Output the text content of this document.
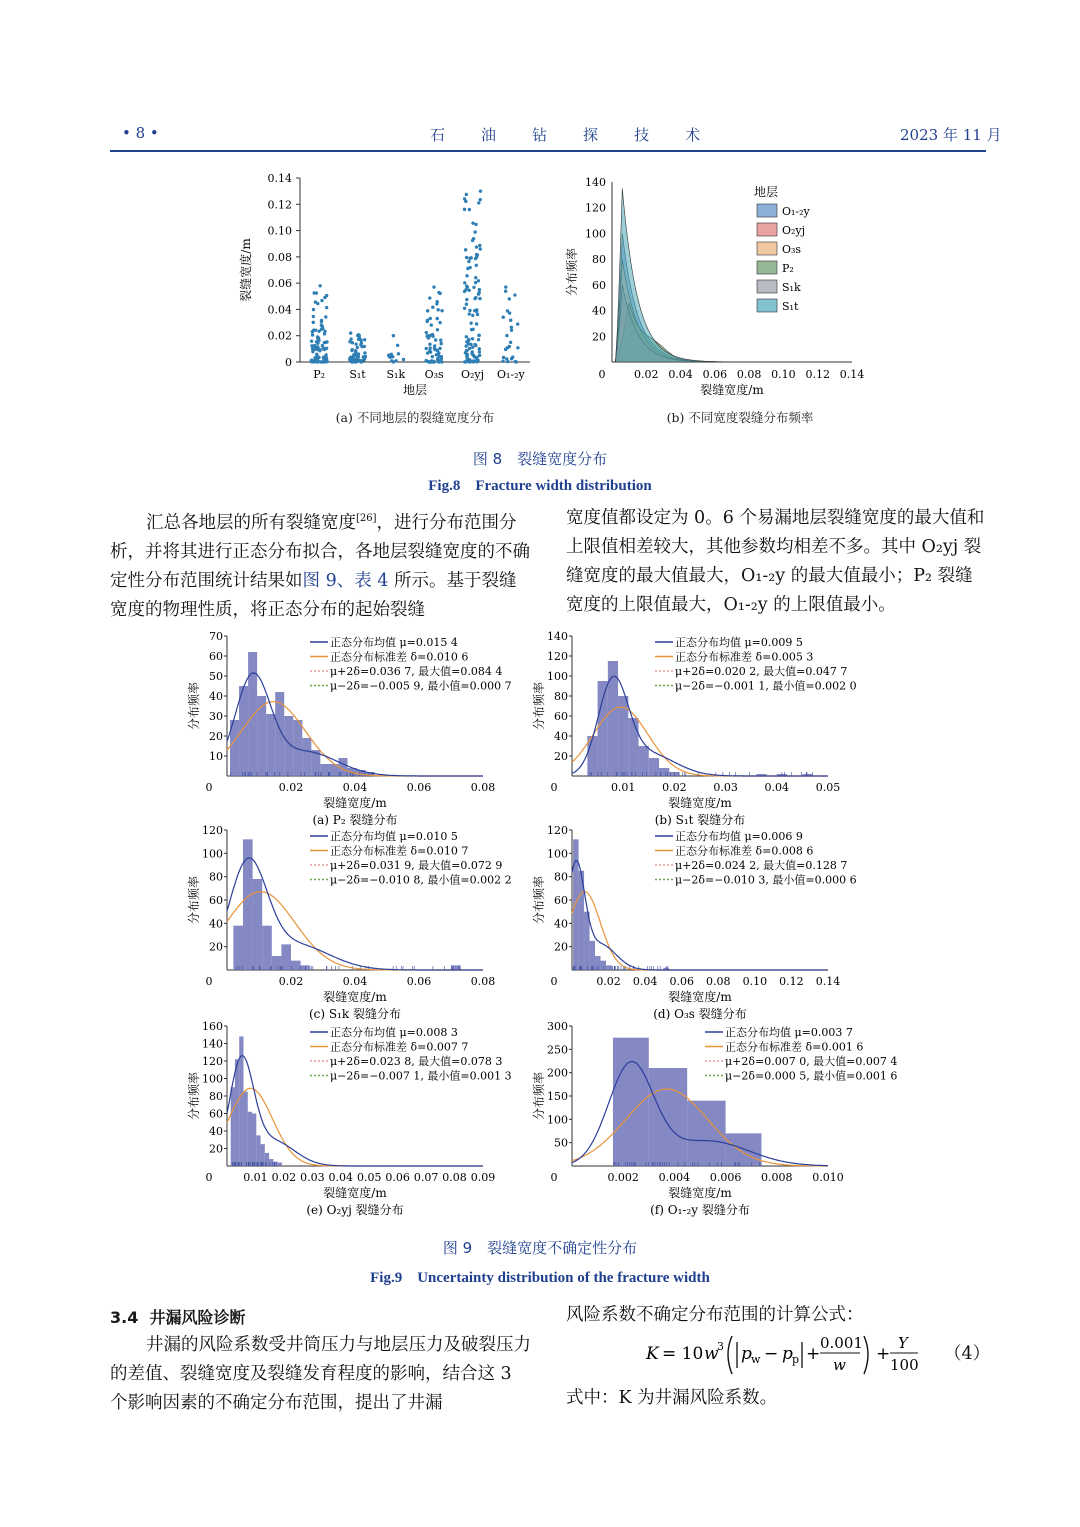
• 8 •	石 油 钻 探 技 术	2023 年 11 月
0
0.02
0.04
0.06
0.08
0.10
0.12
0.14
P₂ S₁t S₁k O₃s O₂yj O₁-₂y
地层
裂缝宽度/m
20
40
60
80
100
120
140
0	0.02 0.04 0.06 0.08 0.10 0.12 0.14
裂缝宽度/m
分布频率
地层
O₁-₂y
O₂yj
O₃s
P₂
S₁k
S₁t
(a) 不同地层的裂缝宽度分布	(b) 不同宽度裂缝分布频率
图 8　裂缝宽度分布
Fig.8　Fracture width distribution
汇总各地层的所有裂缝宽度[26]，进行分布范围分析，并将其进行正态分布拟合，各地层裂缝宽度的不确定性分布范围统计结果如图 9、表 4 所示。基于裂缝宽度的物理性质，将正态分布的起始裂缝
宽度值都设定为 0。6 个易漏地层裂缝宽度的最大值和上限值相差较大，其他参数均相差不多。其中 O₂yj 裂缝宽度的最大值最大，O₁-₂y 的最大值最小；P₂ 裂缝宽度的上限值最大，O₁-₂y 的上限值最小。
10
20
30
40
50
60
70
0	0.02	0.04	0.06	0.08
正态分布均值 μ=0.015 4
正态分布标准差 δ=0.010 6
μ+2δ=0.036 7, 最大值=0.084 4
μ−2δ=−0.005 9, 最小值=0.000 7
裂缝宽度/m
分布频率
(a) P₂ 裂缝分布
20
40
60
80
100
120
140
0	0.01 0.02 0.03 0.04 0.05
正态分布均值 μ=0.009 5
正态分布标准差 δ=0.005 3
μ+2δ=0.020 2, 最大值=0.047 7
μ−2δ=−0.001 1, 最小值=0.002 0
裂缝宽度/m
分布频率
(b) S₁t 裂缝分布
20
40
60
80
100
120
0	0.02	0.04	0.06	0.08
正态分布均值 μ=0.010 5
正态分布标准差 δ=0.010 7
μ+2δ=0.031 9, 最大值=0.072 9
μ−2δ=−0.010 8, 最小值=0.002 2
裂缝宽度/m
分布频率
(c) S₁k 裂缝分布
20
40
60
80
100
120
0	0.02 0.04 0.06 0.08 0.10 0.12 0.14
正态分布均值 μ=0.006 9
正态分布标准差 δ=0.008 6
μ+2δ=0.024 2, 最大值=0.128 7
μ−2δ=−0.010 3, 最小值=0.000 6
裂缝宽度/m
分布频率
(d) O₃s 裂缝分布
20
40
60
80
100
120
140
160
0	0.01 0.02 0.03 0.04 0.05 0.06 0.07 0.08 0.09
正态分布均值 μ=0.008 3
正态分布标准差 δ=0.007 7
μ+2δ=0.023 8, 最大值=0.078 3
μ−2δ=−0.007 1, 最小值=0.001 3
裂缝宽度/m
分布频率
(e) O₂yj 裂缝分布
50
100
150
200
250
300
0	0.002 0.004 0.006 0.008 0.010
正态分布均值 μ=0.003 7
正态分布标准差 δ=0.001 6
μ+2δ=0.007 0, 最大值=0.007 4
μ−2δ=0.000 5, 最小值=0.001 6
裂缝宽度/m
分布频率
(f) O₁-₂y 裂缝分布
图 9　裂缝宽度不确定性分布
Fig.9　Uncertainty distribution of the fracture width
3.4 井漏风险诊断
井漏的风险系数受井筒压力与地层压力及破裂压力的差值、裂缝宽度及裂缝发育程度的影响，结合这 3 个影响因素的不确定分布范围，提出了井漏
风险系数不确定分布范围的计算公式：
K = 10 w
3 p w − p p +
0.001
w
+
Y
100
（4）
式中：K 为井漏风险系数。
